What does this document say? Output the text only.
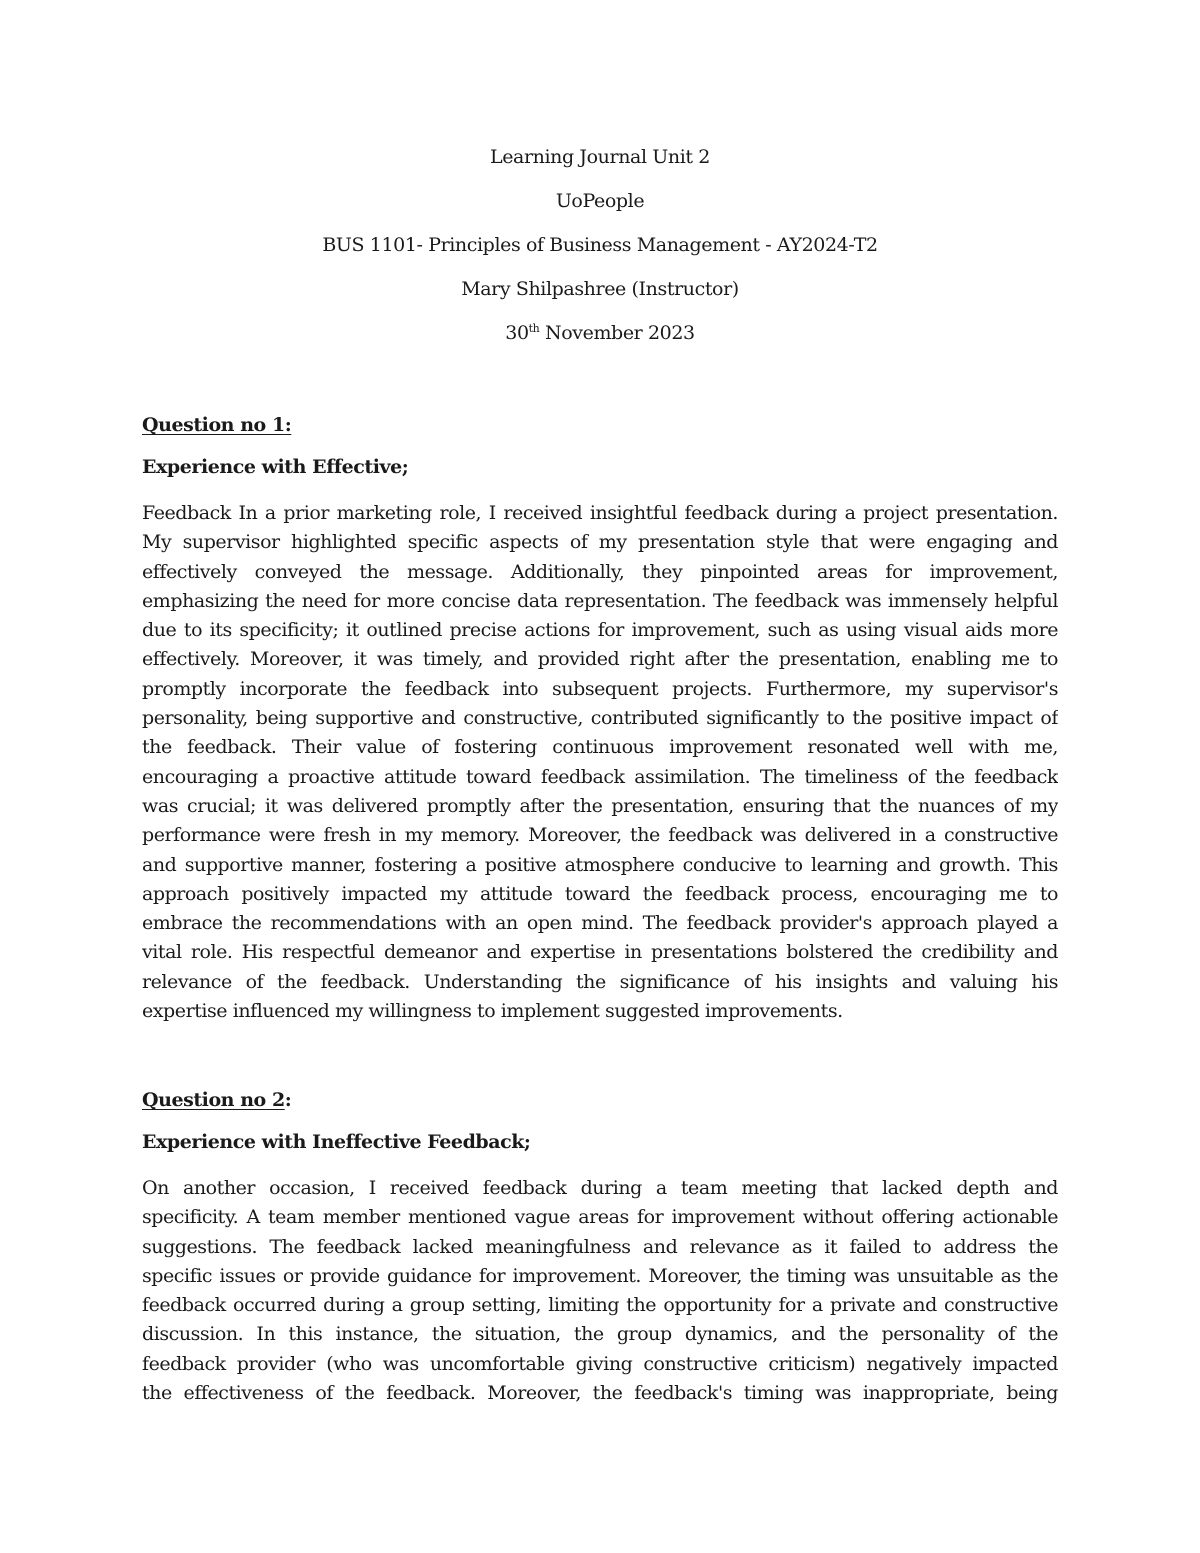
Learning Journal Unit 2
UoPeople
BUS 1101- Principles of Business Management - AY2024-T2
Mary Shilpashree (Instructor)
30th November 2023
Question no 1:
Experience with Effective;
Feedback In a prior marketing role, I received insightful feedback during a project presentation.
My supervisor highlighted specific aspects of my presentation style that were engaging and
effectively conveyed the message. Additionally, they pinpointed areas for improvement,
emphasizing the need for more concise data representation. The feedback was immensely helpful
due to its specificity; it outlined precise actions for improvement, such as using visual aids more
effectively. Moreover, it was timely, and provided right after the presentation, enabling me to
promptly incorporate the feedback into subsequent projects. Furthermore, my supervisor's
personality, being supportive and constructive, contributed significantly to the positive impact of
the feedback. Their value of fostering continuous improvement resonated well with me,
encouraging a proactive attitude toward feedback assimilation. The timeliness of the feedback
was crucial; it was delivered promptly after the presentation, ensuring that the nuances of my
performance were fresh in my memory. Moreover, the feedback was delivered in a constructive
and supportive manner, fostering a positive atmosphere conducive to learning and growth. This
approach positively impacted my attitude toward the feedback process, encouraging me to
embrace the recommendations with an open mind. The feedback provider's approach played a
vital role. His respectful demeanor and expertise in presentations bolstered the credibility and
relevance of the feedback. Understanding the significance of his insights and valuing his
expertise influenced my willingness to implement suggested improvements.
Question no 2:
Experience with Ineffective Feedback;
On another occasion, I received feedback during a team meeting that lacked depth and
specificity. A team member mentioned vague areas for improvement without offering actionable
suggestions. The feedback lacked meaningfulness and relevance as it failed to address the
specific issues or provide guidance for improvement. Moreover, the timing was unsuitable as the
feedback occurred during a group setting, limiting the opportunity for a private and constructive
discussion. In this instance, the situation, the group dynamics, and the personality of the
feedback provider (who was uncomfortable giving constructive criticism) negatively impacted
the effectiveness of the feedback. Moreover, the feedback's timing was inappropriate, being
